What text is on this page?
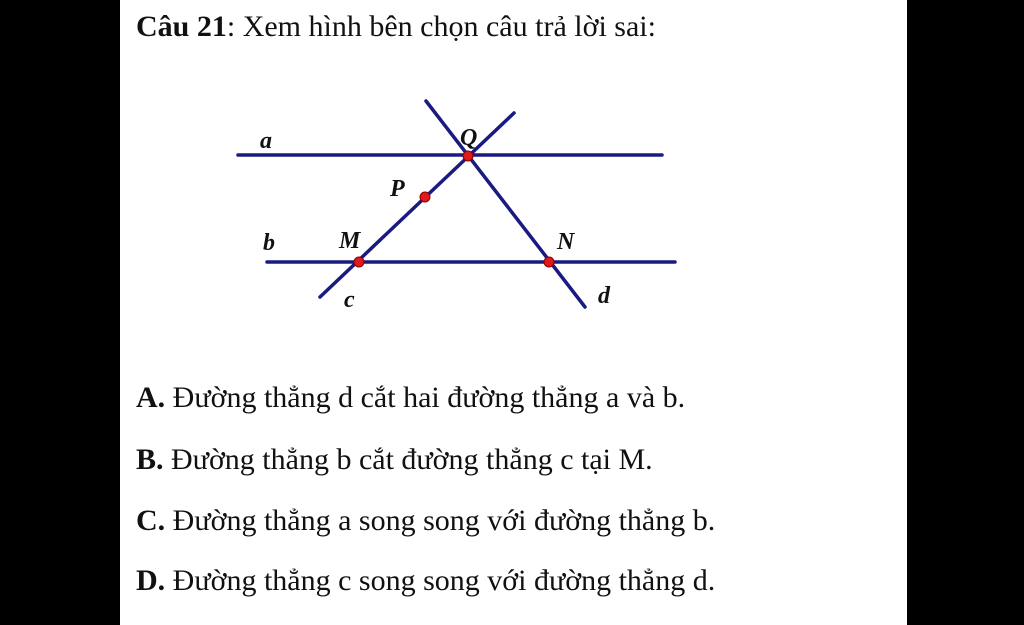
Câu 21: Xem hình bên chọn câu trả lời sai:
a
b
c	d
Q
P
M	N
A. Đường thẳng d cắt hai đường thẳng a và b.
B. Đường thẳng b cắt đường thẳng c tại M.
C. Đường thẳng a song song với đường thẳng b.
D. Đường thẳng c song song với đường thẳng d.
